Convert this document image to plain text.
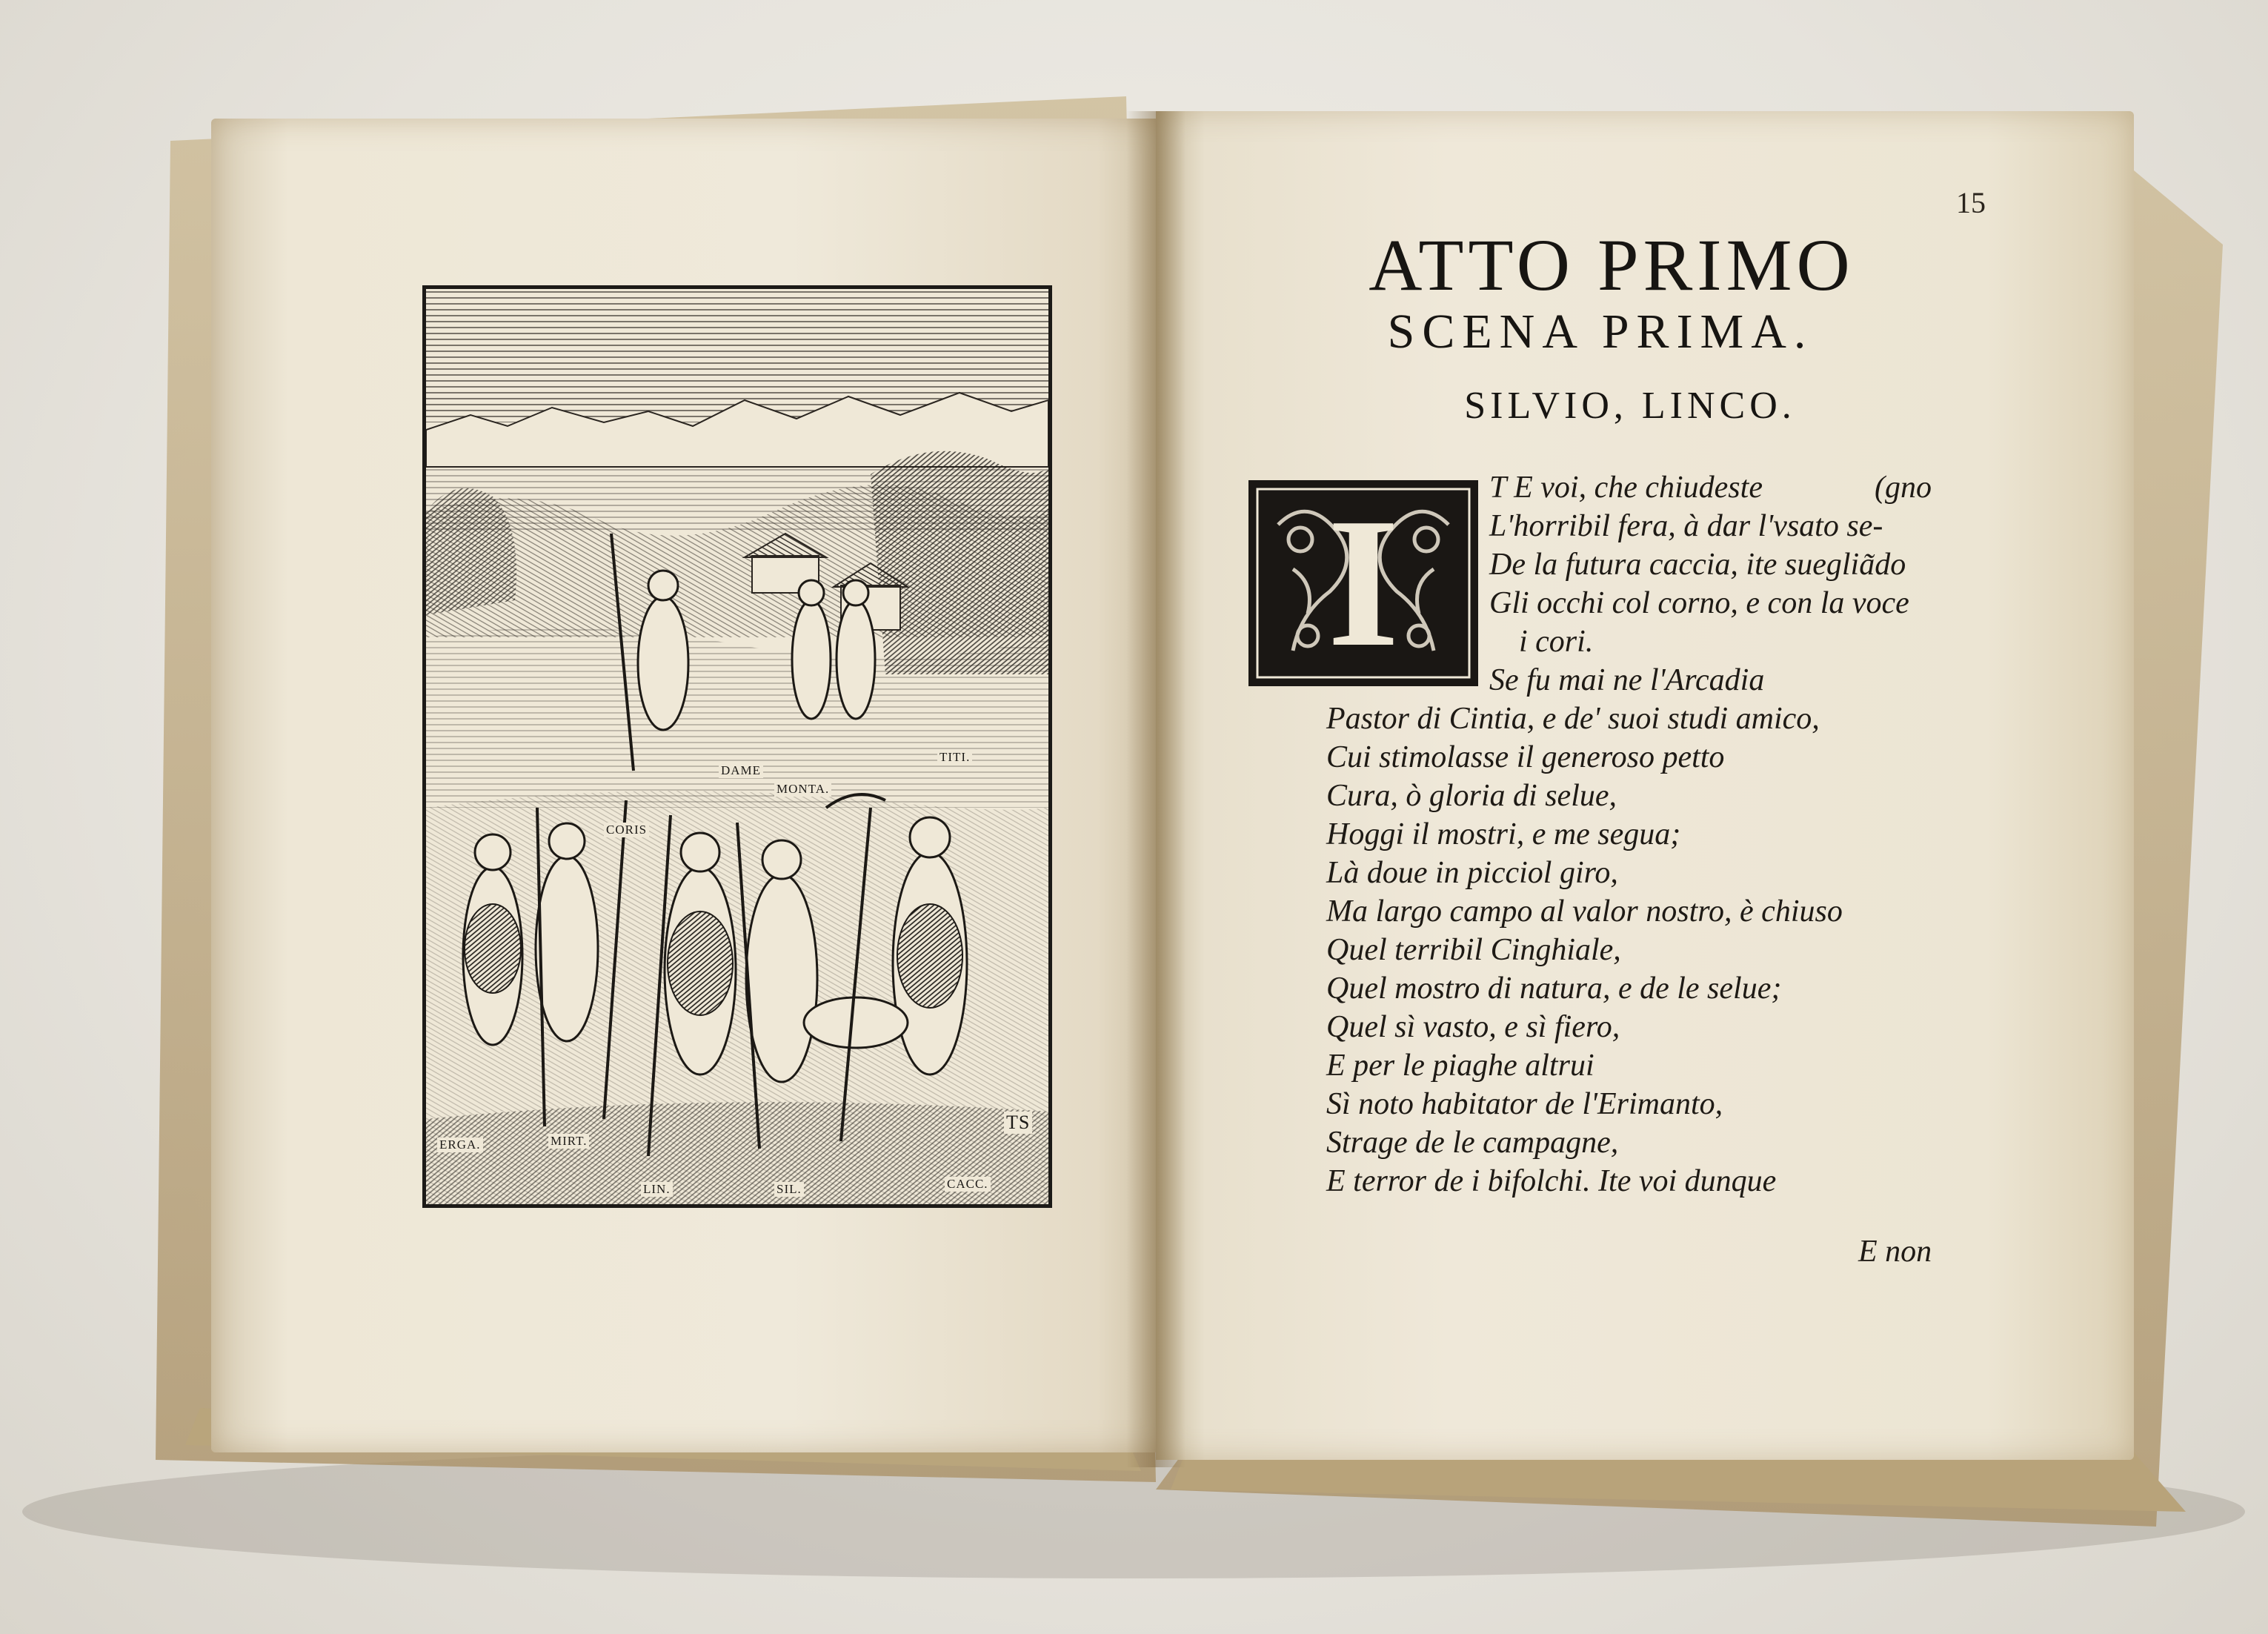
DAME
MONTA.
TITI.
CORIS
ERGA.	MIRT.
LIN.	SIL.	CACC.
TS
15
ATTO PRIMO
SCENA PRIMA.
SILVIO, LINCO.
I	T E voi, che chiudeste	(gno
L'horribil fera, à dar l'vsato se-
De la futura caccia, ite sueglia͂do
Gli occhi col corno, e con la voce
i cori.
Se fu mai ne l'Arcadia
Pastor di Cintia, e de' suoi studi amico,
Cui stimolasse il generoso petto
Cura, ò gloria di selue,
Hoggi il mostri, e me segua;
Là doue in picciol giro,
Ma largo campo al valor nostro, è chiuso
Quel terribil Cinghiale,
Quel mostro di natura, e de le selue;
Quel sì vasto, e sì fiero,
E per le piaghe altrui
Sì noto habitator de l'Erimanto,
Strage de le campagne,
E terror de i bifolchi. Ite voi dunque
E non
